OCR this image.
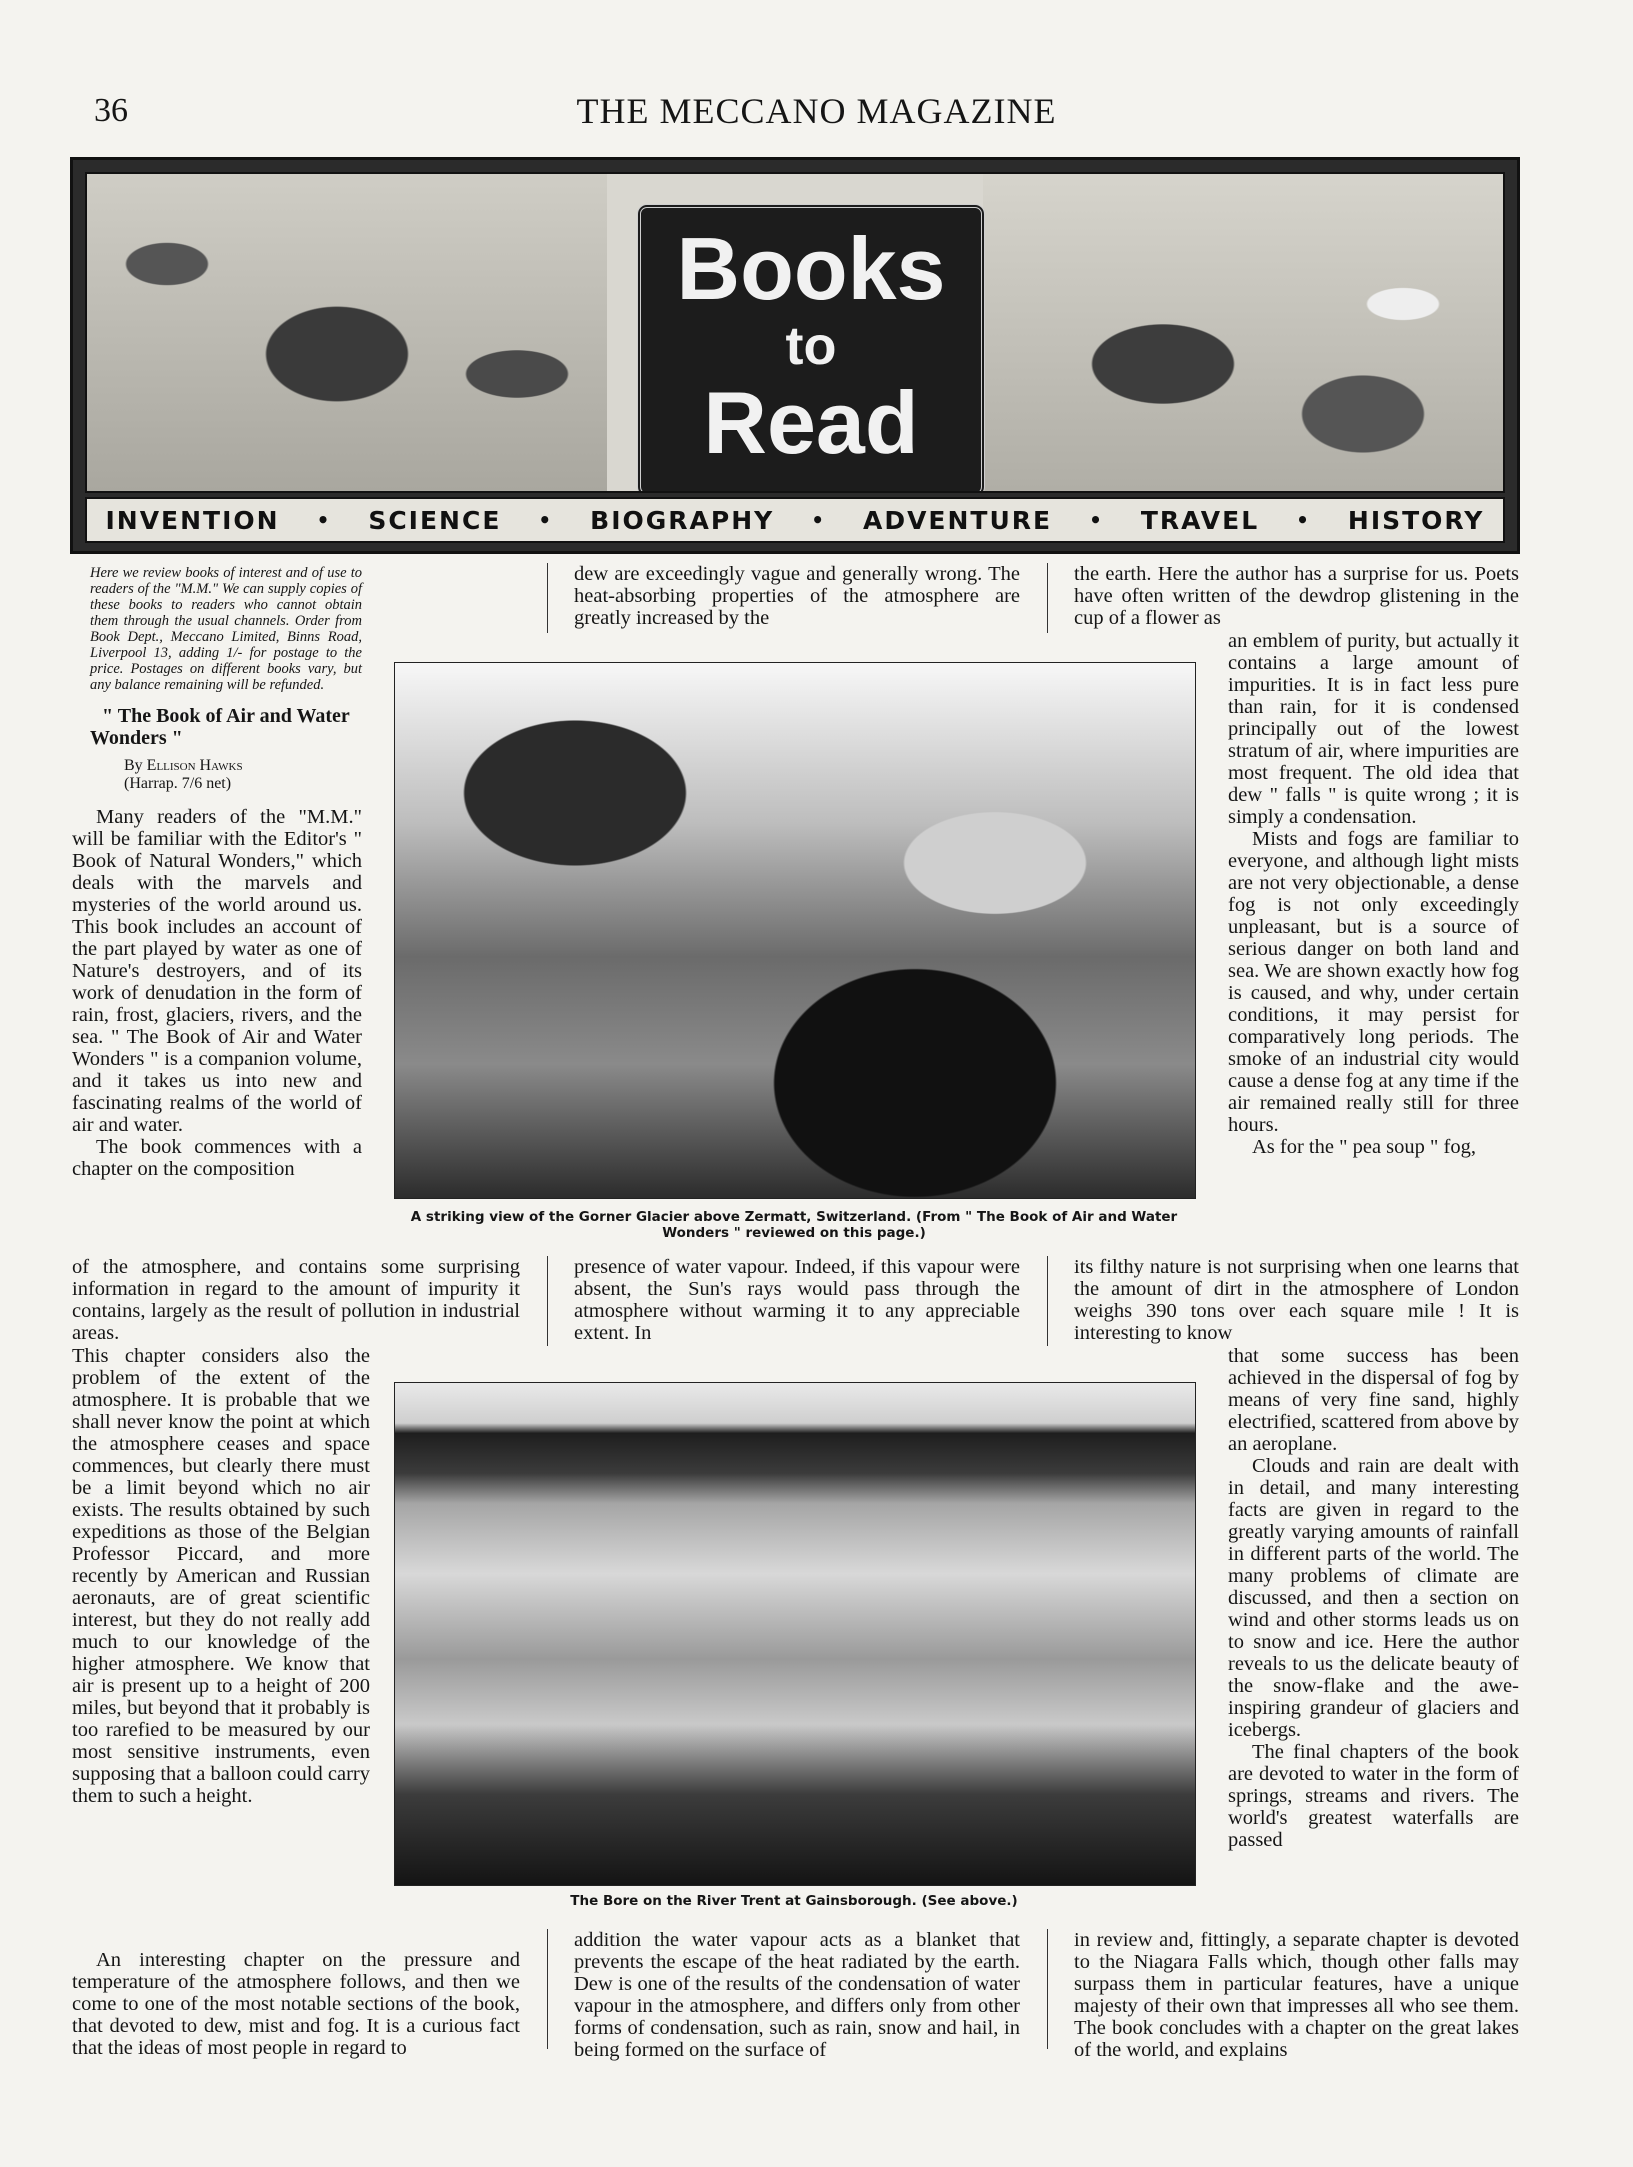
36	THE MECCANO MAGAZINE
Books
to
Read
INVENTION • SCIENCE • BIOGRAPHY • ADVENTURE • TRAVEL • HISTORY

Here we review books of interest and of use to readers of the "M.M." We can supply copies of these books to readers who cannot obtain them through the usual channels. Order from Book Dept., Meccano Limited, Binns Road, Liverpool 13, adding 1/- for postage to the price. Postages on different books vary, but any balance remaining will be refunded.

" The Book of Air and Water Wonders "

By Ellison Hawks

(Harrap. 7/6 net)

Many readers of the "M.M." will be familiar with the Editor's " Book of Natural Wonders," which deals with the marvels and mysteries of the world around us. This book includes an account of the part played by water as one of Nature's destroyers, and of its work of denudation in the form of rain, frost, glaciers, rivers, and the sea. " The Book of Air and Water Wonders " is a companion volume, and it takes us into new and fascinating realms of the world of air and water.

The book commences with a chapter on the composition

of the atmosphere, and contains some surprising information in regard to the amount of impurity it contains, largely as the result of pollution in industrial areas.

This chapter considers also the problem of the extent of the atmosphere. It is probable that we shall never know the point at which the atmosphere ceases and space commences, but clearly there must be a limit beyond which no air exists. The results obtained by such expeditions as those of the Belgian Professor Piccard, and more recently by American and Russian aeronauts, are of great scientific interest, but they do not really add much to our knowledge of the higher atmosphere. We know that air is present up to a height of 200 miles, but beyond that it probably is too rarefied to be measured by our most sensitive instruments, even supposing that a balloon could carry them to such a height.

An interesting chapter on the pressure and temperature of the atmosphere follows, and then we come to one of the most notable sections of the book, that devoted to dew, mist and fog. It is a curious fact that the ideas of most people in regard to

dew are exceedingly vague and generally wrong. The heat-absorbing properties of the atmosphere are greatly increased by the

presence of water vapour. Indeed, if this vapour were absent, the Sun's rays would pass through the atmosphere without warming it to any appreciable extent. In

addition the water vapour acts as a blanket that prevents the escape of the heat radiated by the earth. Dew is one of the results of the condensation of water vapour in the atmosphere, and differs only from other forms of condensation, such as rain, snow and hail, in being formed on the surface of

the earth. Here the author has a surprise for us. Poets have often written of the dewdrop glistening in the cup of a flower as

an emblem of purity, but actually it contains a large amount of impurities. It is in fact less pure than rain, for it is condensed principally out of the lowest stratum of air, where impurities are most frequent. The old idea that dew " falls " is quite wrong ; it is simply a condensation.

Mists and fogs are familiar to everyone, and although light mists are not very objectionable, a dense fog is not only exceedingly unpleasant, but is a source of serious danger on both land and sea. We are shown exactly how fog is caused, and why, under certain conditions, it may persist for comparatively long periods. The smoke of an industrial city would cause a dense fog at any time if the air remained really still for three hours.

As for the " pea soup " fog,

its filthy nature is not surprising when one learns that the amount of dirt in the atmosphere of London weighs 390 tons over each square mile ! It is interesting to know

that some success has been achieved in the dispersal of fog by means of very fine sand, highly electrified, scattered from above by an aeroplane.

Clouds and rain are dealt with in detail, and many interesting facts are given in regard to the greatly varying amounts of rainfall in different parts of the world. The many problems of climate are discussed, and then a section on wind and other storms leads us on to snow and ice. Here the author reveals to us the delicate beauty of the snow-flake and the awe-inspiring grandeur of glaciers and icebergs.

The final chapters of the book are devoted to water in the form of springs, streams and rivers. The world's greatest waterfalls are passed

in review and, fittingly, a separate chapter is devoted to the Niagara Falls which, though other falls may surpass them in particular features, have a unique majesty of their own that impresses all who see them. The book concludes with a chapter on the great lakes of the world, and explains

A striking view of the Gorner Glacier above Zermatt, Switzerland. (From " The Book of Air and Water Wonders " reviewed on this page.)
The Bore on the River Trent at Gainsborough. (See above.)
